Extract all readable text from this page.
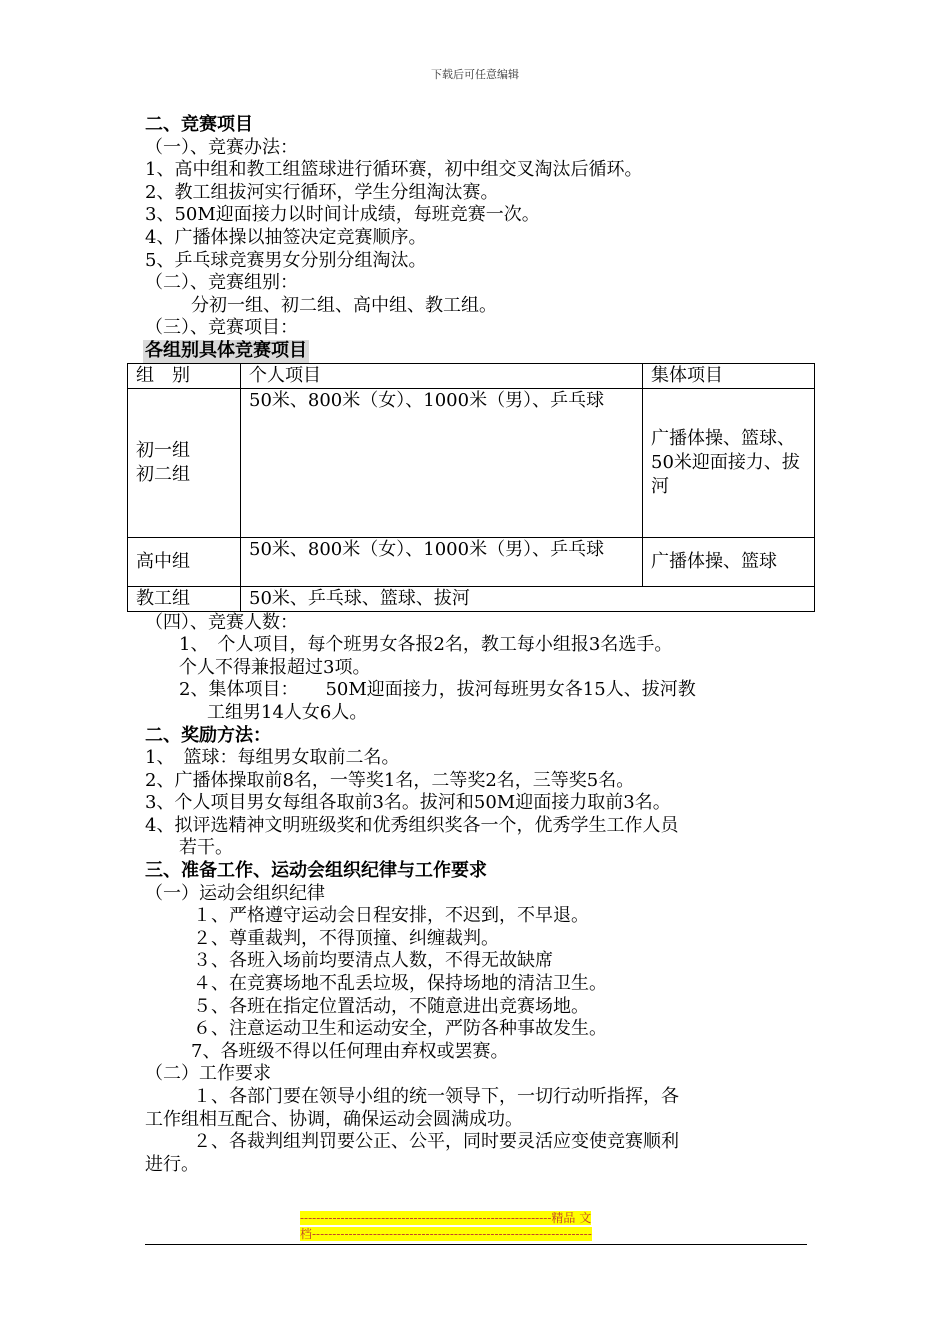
下载后可任意编辑

二、竞赛项目

（一）、竞赛办法：

1、高中组和教工组篮球进行循环赛，初中组交叉淘汰后循环。

2、教工组拔河实行循环，学生分组淘汰赛。

3、50M迎面接力以时间计成绩，每班竞赛一次。

4、广播体操以抽签决定竞赛顺序。

5、乒乓球竞赛男女分别分组淘汰。

（二）、竞赛组别：

分初一组、初二组、高中组、教工组。

（三）、竞赛项目：

各组别具体竞赛项目

组　别	个人项目	集体项目
初一组
初二组	50米、800米（女）、1000米（男）、乒乓球	广播体操、篮球、50米迎面接力、拔河
高中组	50米、800米（女）、1000米（男）、乒乓球	广播体操、篮球
教工组	50米、乒乓球、篮球、拔河	

（四）、竞赛人数：

1、　个人项目，每个班男女各报2名，教工每小组报3名选手。

个人不得兼报超过3项。

2、集体项目：　　50M迎面接力，拔河每班男女各15人、拔河教

工组男14人女6人。

二、奖励方法：

1、　篮球：每组男女取前二名。

2、广播体操取前8名，一等奖1名，二等奖2名，三等奖5名。

3、个人项目男女每组各取前3名。拔河和50M迎面接力取前3名。

4、拟评选精神文明班级奖和优秀组织奖各一个，优秀学生工作人员

若干。

三、准备工作、运动会组织纪律与工作要求

（一）运动会组织纪律

１、严格遵守运动会日程安排，不迟到，不早退。

２、尊重裁判，不得顶撞、纠缠裁判。

３、各班入场前均要清点人数，不得无故缺席

４、在竞赛场地不乱丢垃圾，保持场地的清洁卫生。

５、各班在指定位置活动，不随意进出竞赛场地。

６、注意运动卫生和运动安全，严防各种事故发生。

7、各班级不得以任何理由弃权或罢赛。

（二）工作要求

１、各部门要在领导小组的统一领导下，一切行动听指挥，各

工作组相互配合、协调，确保运动会圆满成功。

２、各裁判组判罚要公正、公平，同时要灵活应变使竞赛顺利

进行。

--------------------------------------------------------------精品 文
档---------------------------------------------------------------------
